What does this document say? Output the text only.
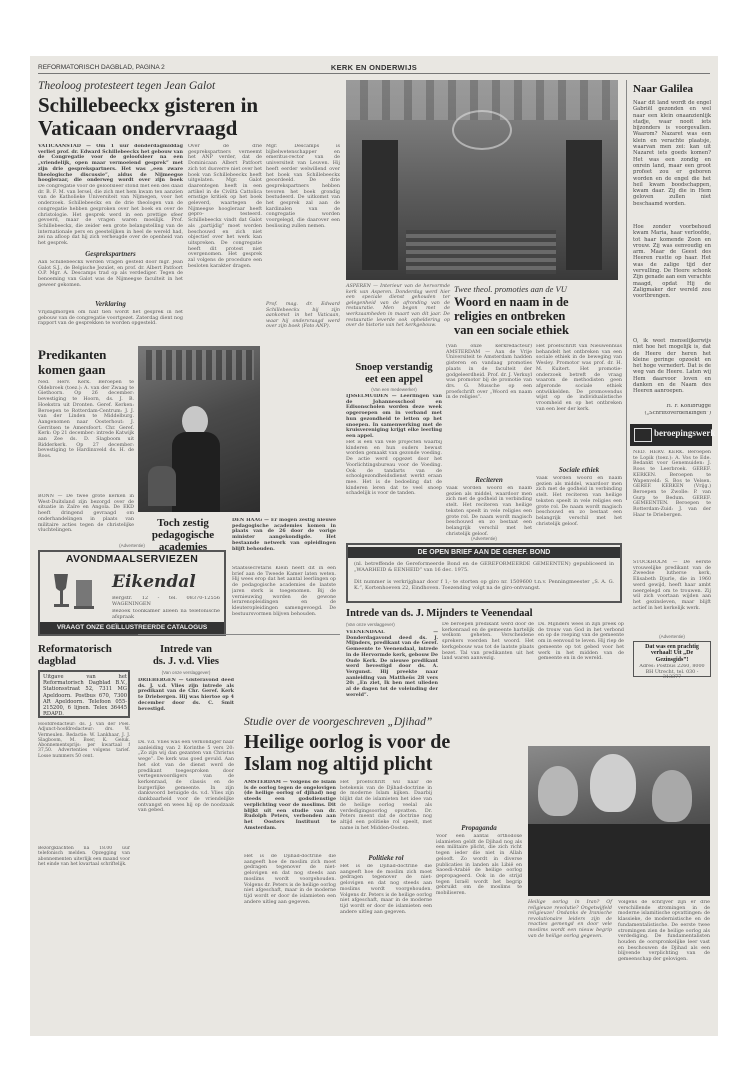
REFORMATORISCH DAGBLAD, PAGINA 2	KERK EN ONDERWIJS
Theoloog protesteert tegen Jean Galot
Schillebeeckx gisteren in
Vaticaan ondervraagd
VATICAANSTAD — Om 1 uur donderdagmiddag verliet prof. dr. Edward Schillebeeckx het gebouw van de Congregatie voor de geloofsleer na een „vriendelijk, open maar vermoeiend gesprek” met zijn drie gesprekspartners. Het was „een zware theologische discussie”, aldus de Nijmeegse hoogleraar, die onderweg wordt over zijn boek
De congregatie voor de geloofsleer stond met een des daad dr. B. F. M. van Iersel, die zich met hem kwam ten aanzien van de Katholieke Universiteit van Nijmegen, voor het onderzoek. Schillebeeckx en de drie theologen van de congregatie hebben gesproken over het boek en over de christologie. Het gesprek werd in een prettige sfeer gevoerd, maar de vragen waren moeilijk. Prof. Schillebeeckx, die zeider een grote belangstelling van de internationale pers en geestelijken in heel de wereld had, zei na afloop dat hij zich verheugde over de openheid van het gesprek.
Gesprekspartners
Aan Schillebeeckx werden vragen gesteld door mgr. Jean Galot S.J., de Belgische Jezuïet, en prof. dr. Albert Patfoort O.P. Mgr. A. Descamps trad op als verdediger. Tegen de benoeming van Galot was de Nijmeegse faculteit in het geweer gekomen.
Verklaring
Vrijdagmorgen om half tien wordt het gesprek in het gebouw van de congregatie voortgezet. Zaterdag dient nog rapport van de gesprekken te worden opgesteld.
Over de drie gesprekspartners verneemt het ANP verder, dat de Dominicaan Albert Patfoort zich tot dusverre niet over het boek van Schillebeeckx heeft uitgelaten. Mgr. Galot daarentegen heeft in een artikel in de Civiltà Cattolica ernstige kritiek op het boek geleverd, waartegen de Nijmeegse hoogleraar heeft gepro- testeerd. Schillebeeckx vindt dat Galot als „partijdig” moet worden beschouwd en zich niet objectief over het werk kan uitspreken. De congregatie heeft dit protest niet overgenomen. Het gesprek zal volgens de procedure een besloten karakter dragen.
Mgr. Descamps is bijbelwetenschapper en emeritus-rector van de universiteit van Leuven. Hij heeft eerder welwillend over het boek van Schillebeeckx geoordeeld. De drie gesprekspartners hebben tevoren het boek grondig bestudeerd. De uitkomst van het gesprek zal aan de kardinalen van de congregatie worden voorgelegd, die daarover een beslissing zullen nemen.
Prof. mag. dr. Edward Schillebeeckx bij zijn aankomst in het Vaticaan, waar hij ondervraagd werd over zijn boek (Foto ANP).
ASPEREN — Interieur van de hervormde kerk van Asperen. Donderdag werd hier een speciale dienst gehouden ter gelegenheid van de afronding van de restauratie. Men begon met de werkzaamheden in maart van dit jaar. De restauratie leverde ook opheldering op over de historie van het kerkgebouw.
Naar Galilea
Naar dit land wordt de engel Gabriël gezonden en wel naar een klein onaanzienlijk stadje, waar nooit iets bijzonders is voorgevallen. Waarom? Nazaret was een klein en verachte plaatsje, waarvan men zei: kan uit Nazaret iets goeds komen? Het was een zondig en onrein land, maar een groot profeet zou er geboren worden en de engel die het heil kwam boodschappen, kwam daar. Zij die in Hem geloven zullen niet beschaamd worden.
Hoe zonder voorbehoud kwam Maria, haar verloofde, tot haar komende Zoon en vrouw. Zij was eenvoudig en arm. Maar de Geest des Heeren rustte op haar. Het was de zalige tijd der vervulling. De Heere schonk Zijn genade aan een verachte maagd, opdat Hij de Zaligmaker der wereld zou voortbrengen.
O, ik weet menselijkerwijs niet hoe het mogelijk is, dat de Heere der heren het kleine geringe opzoekt en het hoge vernedert. Dat is de weg van de Heere. Laten wij Hem daarvoor loven en danken en de Naam des Heeren aanroepen.
H. F. Kohlbrugge
(„Schriftoverdenkingen”)
beroepingswerk
NED. HERV. KERK. Beroepen te Lopik (toez.): A. Vos te Ede. Bedankt voor Genemuiden: J. Roos te Leerbroek. GEREF. KERKEN. Beroepen te Wapenveld: S. Bos te Velsen. GEREF. KERKEN (Vrijg.) Beroepen te Zwolle: P. van Gurp te Bedum. GEREF. GEMEENTEN. Beroepen te Rotterdam-Zuid: J. van der Haar te Driebergen.
STOCKHOLM — De eerste vrouwelijke predikant van de Zweedse lutherse kerk, Elisabeth Djurle, die in 1960 werd gewijd, heeft haar ambt neergelegd om te trouwen. Zij wil zich voortaan wijden aan het gezinsleven, maar blijft actief in het kerkelijk werk.
(Advertentie)
Dat was een prachtig verhaal! Uit „De Gezinsgids”!
Adres: Postbus 2260, 8000 BH Utrecht, tel. 030 - 313377
Twee theol. promoties aan de VU
Woord en naam in de
religies en ontbreken
van een sociale ethiek
(Van onze kerkredacteur) AMSTERDAM — Aan de Vrije Universiteit te Amsterdam hadden gisteren en vandaag promoties plaats in de faculteit der godgeleerdheid. Prof. dr. J. Verkuyl was promotor bij de promotie van drs. G. Mussche op een proefschrift over „Woord en naam in de religies”.
Reciteren
Vaak worden woord en naam gezien als middel, waardoor men zich met de godheid in verbinding stelt. Het reciteren van heilige teksten speelt in vele religies een grote rol. De naam wordt magisch beschouwd en zo bestaat een belangrijk verschil met het christelijk geloof.
Sociale ethiek
Het proefschrift van Nieuwenhuis behandelt het ontbreken van een sociale ethiek in de beweging van Wesley. Promotor was prof. dr. H. M. Kuitert. Het promotie-onderzoek betreft de vraag waarom de methodisten geen afgeronde sociale ethiek ontwikkelden. De promovendus wijst op de individualistische vroomheid en op het ontbreken van een leer der kerk.
Vaak worden woord en naam gezien als middel, waardoor men zich met de godheid in verbinding stelt. Het reciteren van heilige teksten speelt in vele religies een grote rol. De naam wordt magisch beschouwd en zo bestaat een belangrijk verschil met het christelijk geloof.
Snoep verstandig
eet een appel
(Van een medewerker)
IJSSELMUIDEN — Leerlingen van de Johannesschool en Edisonscholen worden deze week opgeroepen om in verband met hun gezondheid te letten op het snoepen. In samenwerking met de kruisvereniging krijgt elke leerling een appel.
Het is een van vele projecten waarbij kinderen en hun ouders bewust worden gemaakt van gezonde voeding. De actie werd opgezet door het Voorlichtingsbureau voor de Voeding. Ook de tandarts van de schoolgezondheidsdienst werkt eraan mee. Het is de bedoeling dat de kinderen leren dat te veel snoep schadelijk is voor de tanden.
Predikanten
komen gaan
Ned. Herv. Kerk. Beroepen te Oldebroek (toez.): A. van der Zwaag te Giethoorn. Op 26 december: bevestiging te Hoorn, ds. J. B. Hoekstra uit Dronten. Geref. Kerken: Beroepen te Rotterdam-Centrum: J. J. van der Linden te Middelburg. Aangenomen naar Oosterhout: J. Gerritsen te Amersfoort. Chr. Geref. Kerk: Op 21 december: intrede Katwijk aan Zee ds. D. Slagboom uit Ridderkerk. Op 27 december: bevestiging te Hardinxveld ds. H. de Roos.
BONN — De twee grote kerken in West-Duitsland zijn bezorgd over de situatie in Zaïre en Angola. De EKD heeft dringend gevraagd om onderhandelingen in plaats van militaire acties tegen de christelijke vluchtelingen.
(Advertentie)
AVONDMAALSERVIEZEN
Eikendal
Bergstr. 12 - tel. 08370-12556 WAGENINGEN
Bezoek toonkamer alleen na telefonische afspraak
VRAAGT ONZE GEÏLLUSTREERDE CATALOGUS
Toch zestig
pedagogische
academies
DEN HAAG — Er mogen zestig nieuwe pedagogische academies komen in plaats van de 26 door de vorige minister aangekondigde. Het bestaande netwerk van opleidingen blijft behouden.
Staatssecretaris Klein heeft dit in een brief aan de Tweede Kamer laten weten. Hij wees erop dat het aantal leerlingen op de pedagogische academies de laatste jaren sterk is toegenomen. Bij de vernieuwing worden de gewone lerarenopleidingen en de kleuteropleidingen samengevoegd. De bestuursvormen blijven behouden.
(Advertentie)
DE OPEN BRIEF AAN DE GEREF. BOND
(nl. betreffende de Gereformeerde Bond en de GEREFORMEERDE GEMEENTEN) gepubliceerd in „WAARHEID & EENHEID” van 16 dec. 1975.
Dit nummer is verkrijgbaar door f 1,- te storten op giro nr. 1509600 t.n.v. Penningmeester „S. A. G. K.”, Kortenhoeven 22, Eindhoven. Toezending volgt na de giro-ontvangst.
Intrede van ds. J. Mijnders te Veenendaal
(Van onze verslaggever)
VEENENDAAL — Donderdagavond deed ds. J. Mijnders, predikant van de Geref. Gemeente te Veenendaal, intrede in de Hervormde kerk, gebouw De Oude Kerk. De nieuwe predikant werd bevestigd door ds. A. Vergunst. Hij preekte naar aanleiding van Mattheüs 28 vers 20: „En ziet, Ik ben met ulieden al de dagen tot de voleinding der wereld”.
De beroepen predikant werd door de kerkenraad en de gemeente hartelijk welkom geheten. Verscheidene sprekers voerden het woord. Het kerkgebouw was tot de laatste plaats bezet. Tal van predikanten uit het land waren aanwezig.
Ds. Mijnders wees in zijn preek op de trouw van God in het verbond en op de roeping van de gemeente om in eenvoud te leven. Hij riep de gemeente op tot gebed voor het werk in het midden van de gemeente en in de wereld.
Reformatorisch
dagblad
Uitgave van het Reformatorisch Dagblad B.V., Stationsstraat 52, 7311 MG Apeldoorn. Postbus 670, 7300 AR Apeldoorn. Telefoon 055-215200, 6 lijnen. Telex 36445 RDAPD.
Hoofdredacteur: ds. J. van der Poel. Adjunct-hoofdredacteur: drs. W. Vermeulen. Redactie: W. Lankhaar, J. J. Slagboom, M. Boer, K. Geluk. Abonnementsprijs: per kwartaal f 37,50. Advertenties volgens tarief. Losse nummers 50 cent.
Bezorgklachten na 18.00 uur telefonisch melden. Opzegging van abonnementen uiterlijk een maand voor het einde van het kwartaal schriftelijk.
Intrede van
ds. J. v.d. Vlies
(Van onze verslaggever)
DRIEBERGEN — Gisteravond deed ds. J. v.d. Vlies zijn intrede als predikant van de Chr. Geref. Kerk te Driebergen. Hij was hiertoe op 4 december door ds. C. Smit bevestigd.
Ds. v.d. Vlies was een verkondiger naar aanleiding van 2 Korinthe 5 vers 20: „Zo zijn wij dan gezanten van Christus wege”. De kerk was goed gevuld. Aan het slot van de dienst werd de predikant toegesproken door vertegenwoordigers van de kerkenraad, de classis en de burgerlijke gemeente. In zijn dankwoord betuigde ds. v.d. Vlies zijn dankbaarheid voor de vriendelijke ontvangst en wees hij op de noodzaak van gebed.
Studie over de voorgeschreven „Djihad”
Heilige oorlog is voor de
Islam nog altijd plicht
AMSTERDAM — Volgens de Islam is de oorlog tegen de ongelovigen (de heilige oorlog of djihad) nog steeds een godsdienstige verplichting voor de moslims. Dit blijkt uit een studie van dr. Rudolph Peters, verbonden aan het Oosters Instituut te Amsterdam.
Het is de Djihad-doctrine die aangeeft hoe de moslim zich moet gedragen tegenover de niet-gelovigen en dat nog steeds aan moslims wordt voorgehouden. Volgens dr. Peters is de heilige oorlog niet afgeschaft, maar in de moderne tijd wordt er door de islamieten een andere uitleg aan gegeven.
Politieke rol
Het proefschrift wil naar de betekenis van de Djihad-doctrine in de moderne Islam kijken. Daarbij blijkt dat de islamieten het idee van de heilige oorlog veelal als verdedigingsoorlog opvatten. Dr. Peters meent dat de doctrine nog altijd een politieke rol speelt, met name in het Midden-Oosten.
Het is de Djihad-doctrine die aangeeft hoe de moslim zich moet gedragen tegenover de niet-gelovigen en dat nog steeds aan moslims wordt voorgehouden. Volgens dr. Peters is de heilige oorlog niet afgeschaft, maar in de moderne tijd wordt er door de islamieten een andere uitleg aan gegeven.
Propaganda
Voor een aantal orthodoxe islamieten geldt de Djihad nog als een militaire plicht, die zich richt tegen ieder die niet in Allah gelooft. Zo wordt in diverse publicaties in landen als Libië en Saoedi-Arabië de heilige oorlog gepropageerd. Ook in de strijd tegen Israël wordt het begrip gebruikt om de moslims te mobiliseren.
Heilige oorlog in Iran? Of religieuze revolutie? Ongetwijfeld religieuze! Ondanks de Iranische revolutionaire leiders zijn de reacties gemengd en door vele moslims wordt een nieuw begrip van de heilige oorlog gegeven.
Volgens de schrijver zijn er drie verschillende stromingen in de moderne islamitische opvattingen: de klassieke, de modernistische en de fundamentalistische. De eerste twee stromingen zien de heilige oorlog als verdediging. De fundamentalisten houden de oorspronkelijke leer vast en beschouwen de Djihad als een blijvende verplichting van de gemeenschap der gelovigen.
